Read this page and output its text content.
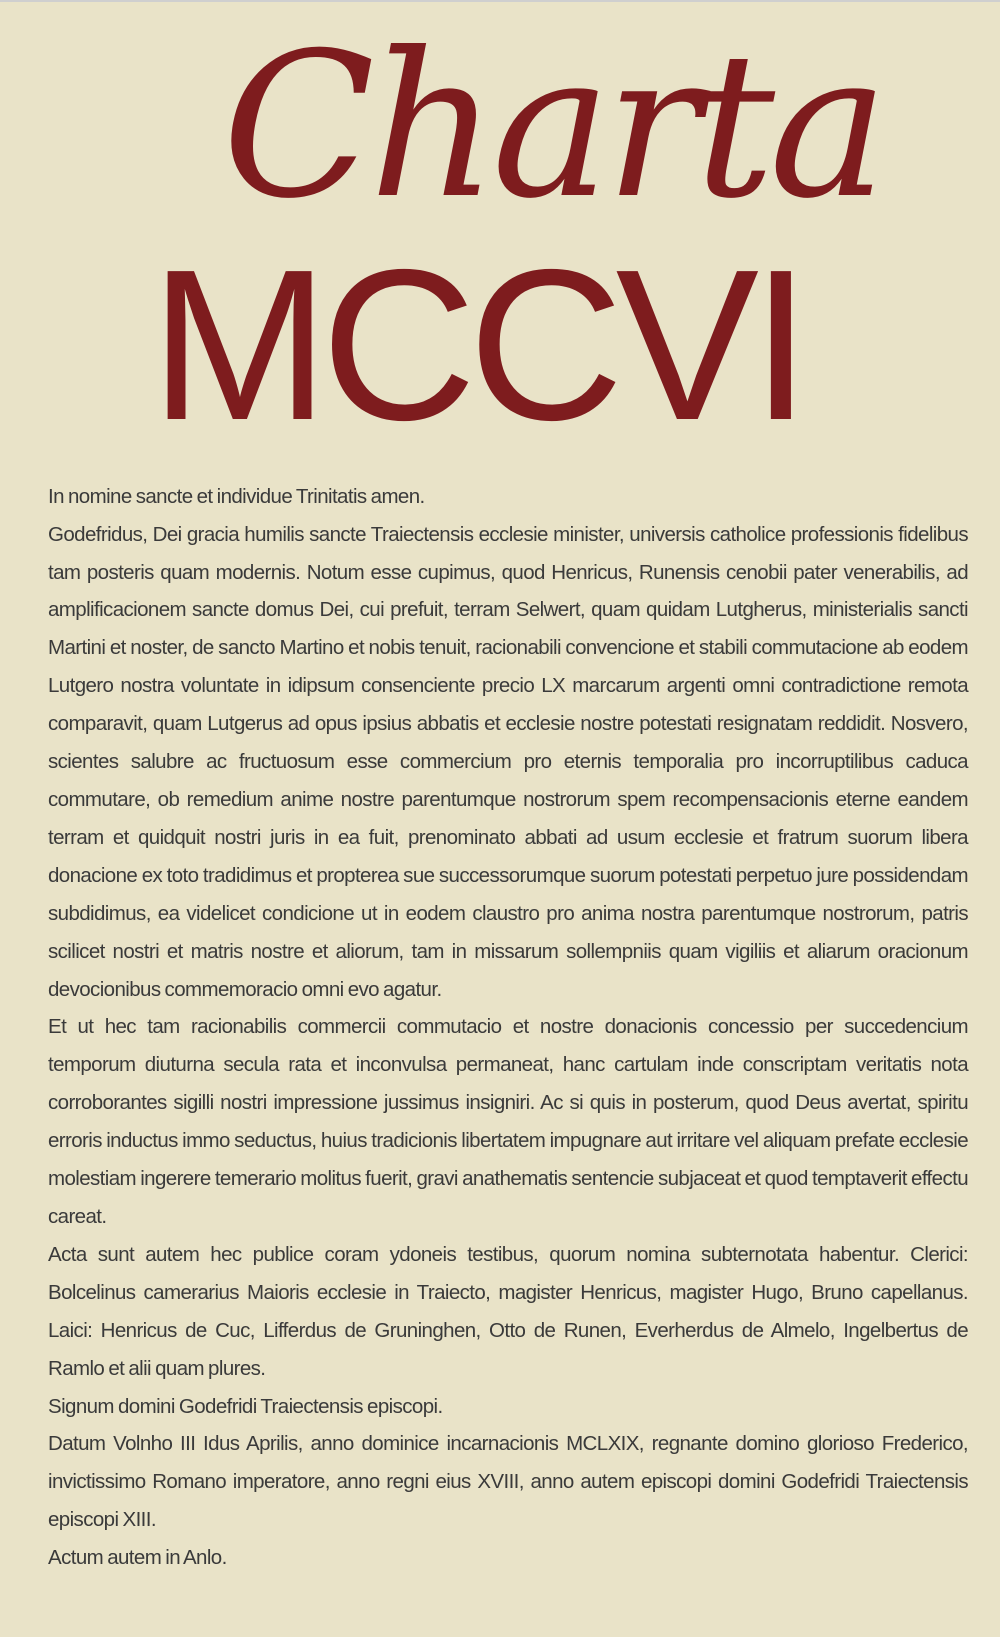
Charta
MCCVI

In nomine sancte et individue Trinitatis amen.

Godefridus, Dei gracia humilis sancte Traiectensis ecclesie minister, universis catholice professionis fidelibus tam posteris quam modernis. Notum esse cupimus, quod Henricus, Runensis cenobii pater venerabilis, ad amplificacionem sancte domus Dei, cui prefuit, terram Selwert, quam quidam Lutgherus, ministerialis sancti Martini et noster, de sancto Martino et nobis tenuit, racionabili convencione et stabili commutacione ab eodem Lutgero nostra voluntate in idipsum consenciente precio LX marcarum argenti omni contradictione remota comparavit, quam Lutgerus ad opus ipsius abbatis et ecclesie nostre potestati resignatam reddidit. Nosvero, scientes salubre ac fructuosum esse commercium pro eternis temporalia pro incorruptilibus caduca commutare, ob remedium anime nostre parentumque nostrorum spem recompensacionis eterne eandem terram et quidquit nostri juris in ea fuit, prenominato abbati ad usum ecclesie et fratrum suorum libera donacione ex toto tradidimus et propterea sue successorumque suorum potestati perpetuo jure possidendam subdidimus, ea videlicet condicione ut in eodem claustro pro anima nostra parentumque nostrorum, patris scilicet nostri et matris nostre et aliorum, tam in missarum sollempniis quam vigiliis et aliarum oracionum devocionibus commemoracio omni evo agatur.

Et ut hec tam racionabilis commercii commutacio et nostre donacionis concessio per succedencium temporum diuturna secula rata et inconvulsa permaneat, hanc cartulam inde conscriptam veritatis nota corroborantes sigilli nostri impressione jussimus insigniri. Ac si quis in posterum, quod Deus avertat, spiritu erroris inductus immo seductus, huius tradicionis libertatem impugnare aut irritare vel aliquam prefate ecclesie molestiam ingerere temerario molitus fuerit, gravi anathematis sentencie subjaceat et quod temptaverit effectu careat.

Acta sunt autem hec publice coram ydoneis testibus, quorum nomina subternotata habentur. Clerici: Bolcelinus camerarius Maioris ecclesie in Traiecto, magister Henricus, magister Hugo, Bruno capellanus. Laici: Henricus de Cuc, Lifferdus de Gruninghen, Otto de Runen, Everherdus de Almelo, Ingelbertus de Ramlo et alii quam plures.

Signum domini Godefridi Traiectensis episcopi.

Datum Volnho III Idus Aprilis, anno dominice incarnacionis MCLXIX, regnante domino glorioso Frederico, invictissimo Romano imperatore, anno regni eius XVIII, anno autem episcopi domini Godefridi Traiectensis episcopi XIII.

Actum autem in Anlo.
